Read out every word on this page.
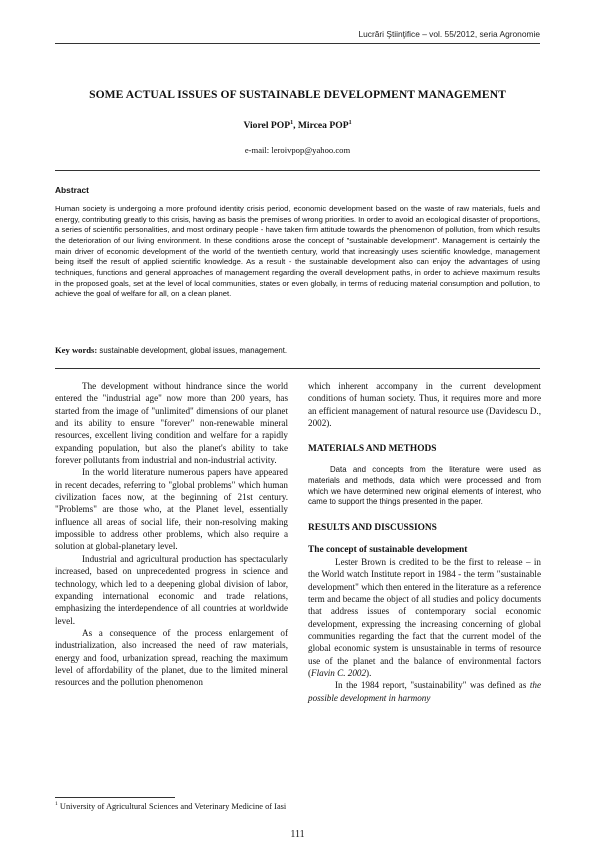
Lucrări Ştiinţifice – vol. 55/2012, seria Agronomie
SOME ACTUAL ISSUES OF SUSTAINABLE DEVELOPMENT MANAGEMENT
Viorel POP$^1$, Mircea POP$^1$
e-mail: leroivpop@yahoo.com
Abstract

Human society is undergoing a more profound identity crisis period, economic development based on the waste of raw materials, fuels and energy, contributing greatly to this crisis, having as basis the premises of wrong priorities. In order to avoid an ecological disaster of proportions, a series of scientific personalities, and most ordinary people - have taken firm attitude towards the phenomenon of pollution, from which results the deterioration of our living environment. In these conditions arose the concept of "sustainable development". Management is certainly the main driver of economic development of the world of the twentieth century, world that increasingly uses scientific knowledge, management being itself the result of applied scientific knowledge. As a result - the sustainable development also can enjoy the advantages of using techniques, functions and general approaches of management regarding the overall development paths, in order to achieve maximum results in the proposed goals, set at the level of local communities, states or even globally, in terms of reducing material consumption and pollution, to achieve the goal of welfare for all, on a clean planet.

Key words: sustainable development, global issues, management.

The development without hindrance since the world entered the "industrial age" now more than 200 years, has started from the image of "unlimited" dimensions of our planet and its ability to ensure "forever" non-renewable mineral resources, excellent living condition and welfare for a rapidly expanding population, but also the planet's ability to take forever pollutants from industrial and non-industrial activity.

In the world literature numerous papers have appeared in recent decades, referring to "global problems" which human civilization faces now, at the beginning of 21st century. "Problems" are those who, at the Planet level, essentially influence all areas of social life, their non-resolving making impossible to address other problems, which also require a solution at global-planetary level.

Industrial and agricultural production has spectacularly increased, based on unprecedented progress in science and technology, which led to a deepening global division of labor, expanding international economic and trade relations, emphasizing the interdependence of all countries at worldwide level.

As a consequence of the process enlargement of industrialization, also increased the need of raw materials, energy and food, urbanization spread, reaching the maximum level of affordability of the planet, due to the limited mineral resources and the pollution phenomenon

which inherent accompany in the current development conditions of human society. Thus, it requires more and more an efficient management of natural resource use (Davidescu D., 2002).

MATERIALS AND METHODS

Data and concepts from the literature were used as materials and methods, data which were processed and from which we have determined new original elements of interest, who came to support the things presented in the paper.

RESULTS AND DISCUSSIONS

The concept of sustainable development

Lester Brown is credited to be the first to release – in the World watch Institute report in 1984 - the term "sustainable development" which then entered in the literature as a reference term and became the object of all studies and policy documents that address issues of contemporary social economic development, expressing the increasing concerning of global communities regarding the fact that the current model of the global economic system is unsustainable in terms of resource use of the planet and the balance of environmental factors (Flavin C. 2002).

In the 1984 report, "sustainability" was defined as the possible development in harmony

$^1$ University of Agricultural Sciences and Veterinary Medicine of Iasi
111
